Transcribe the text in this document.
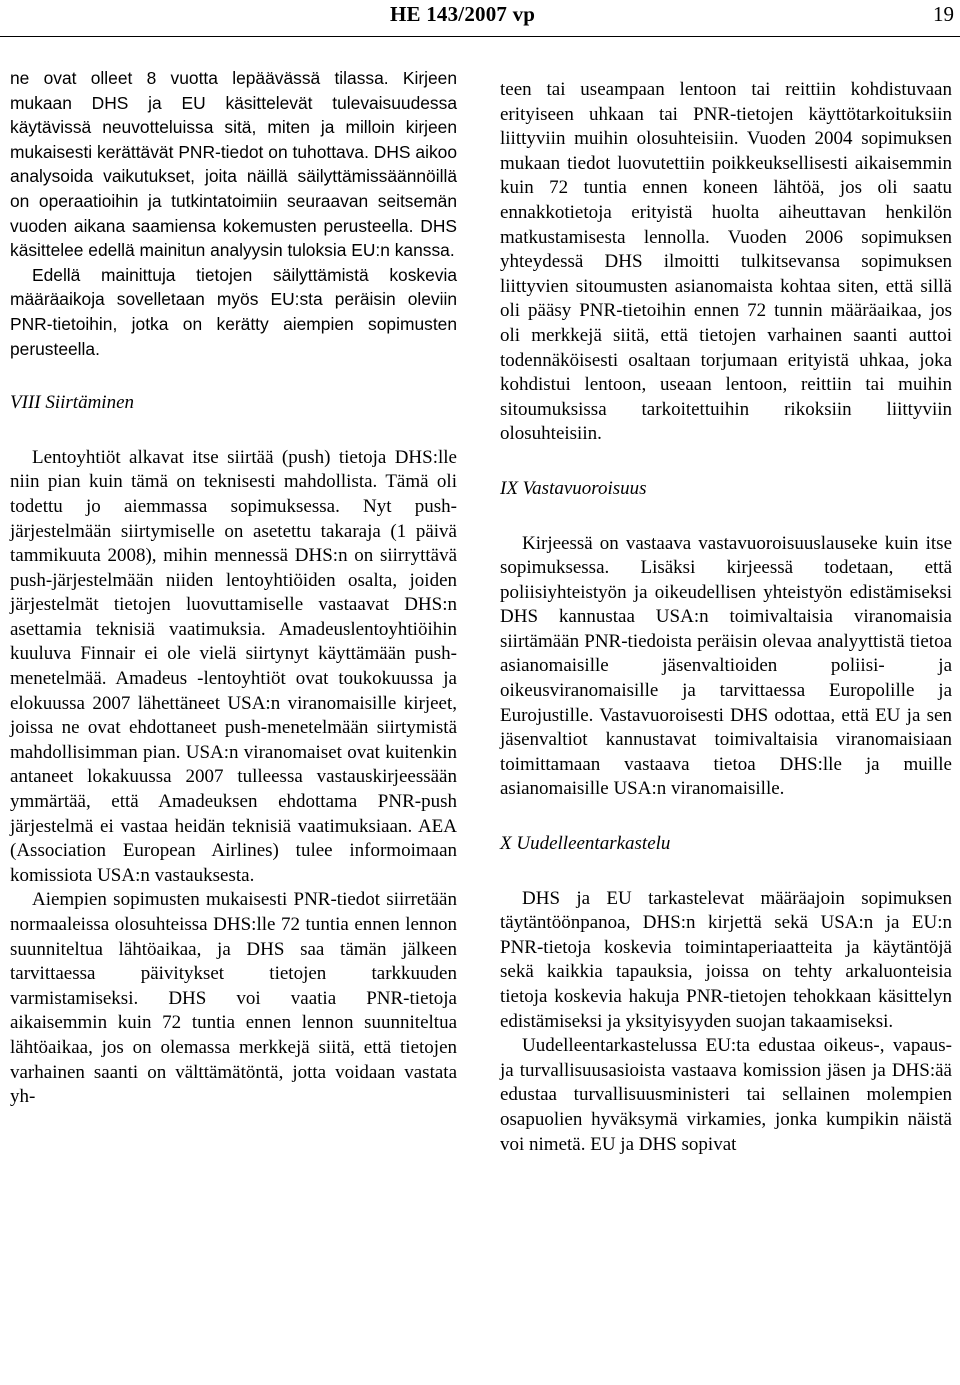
HE 143/2007 vp	19

ne ovat olleet 8 vuotta lepäävässä tilassa. Kirjeen mukaan DHS ja EU käsittelevät tulevaisuudessa käytävissä neuvotteluissa sitä, miten ja milloin kirjeen mukaisesti kerättävät PNR-tiedot on tuhottava. DHS aikoo analysoida vaikutukset, joita näillä säilyttämissäännöillä on operaatioihin ja tutkintatoimiin seuraavan seitsemän vuoden aikana saamiensa kokemusten perusteella. DHS käsittelee edellä mainitun analyysin tuloksia EU:n kanssa.

Edellä mainittuja tietojen säilyttämistä koskevia määräaikoja sovelletaan myös EU:sta peräisin oleviin PNR-tietoihin, jotka on kerätty aiempien sopimusten perusteella.

VIII Siirtäminen

Lentoyhtiöt alkavat itse siirtää (push) tietoja DHS:lle niin pian kuin tämä on teknisesti mahdollista. Tämä oli todettu jo aiemmassa sopimuksessa. Nyt push-järjestelmään siirtymiselle on asetettu takaraja (1 päivä tammikuuta 2008), mihin mennessä DHS:n on siirryttävä push-järjestelmään niiden lentoyhtiöiden osalta, joiden järjestelmät tietojen luovuttamiselle vastaavat DHS:n asettamia teknisiä vaatimuksia. Amadeuslentoyhtiöihin kuuluva Finnair ei ole vielä siirtynyt käyttämään push-menetelmää. Amadeus -lentoyhtiöt ovat toukokuussa ja elokuussa 2007 lähettäneet USA:n viranomaisille kirjeet, joissa ne ovat ehdottaneet push-menetelmään siirtymistä mahdollisimman pian. USA:n viranomaiset ovat kuitenkin antaneet lokakuussa 2007 tulleessa vastauskirjeessään ymmärtää, että Amadeuksen ehdottama PNR-push järjestelmä ei vastaa heidän teknisiä vaatimuksiaan. AEA (Association European Airlines) tulee informoimaan komissiota USA:n vastauksesta.

Aiempien sopimusten mukaisesti PNR-tiedot siirretään normaaleissa olosuhteissa DHS:lle 72 tuntia ennen lennon suunniteltua lähtöaikaa, ja DHS saa tämän jälkeen tarvittaessa päivitykset tietojen tarkkuuden varmistamiseksi. DHS voi vaatia PNR-tietoja aikaisemmin kuin 72 tuntia ennen lennon suunniteltua lähtöaikaa, jos on olemassa merkkejä siitä, että tietojen varhainen saanti on välttämätöntä, jotta voidaan vastata yh-

teen tai useampaan lentoon tai reittiin kohdistuvaan erityiseen uhkaan tai PNR-tietojen käyttötarkoituksiin liittyviin muihin olosuhteisiin. Vuoden 2004 sopimuksen mukaan tiedot luovutettiin poikkeuksellisesti aikaisemmin kuin 72 tuntia ennen koneen lähtöä, jos oli saatu ennakkotietoja erityistä huolta aiheuttavan henkilön matkustamisesta lennolla. Vuoden 2006 sopimuksen yhteydessä DHS ilmoitti tulkitsevansa sopimuksen liittyvien sitoumusten asianomaista kohtaa siten, että sillä oli pääsy PNR-tietoihin ennen 72 tunnin määräaikaa, jos oli merkkejä siitä, että tietojen varhainen saanti auttoi todennäköisesti osaltaan torjumaan erityistä uhkaa, joka kohdistui lentoon, useaan lentoon, reittiin tai muihin sitoumuksissa tarkoitettuihin rikoksiin liittyviin olosuhteisiin.

IX Vastavuoroisuus

Kirjeessä on vastaava vastavuoroisuuslauseke kuin itse sopimuksessa. Lisäksi kirjeessä todetaan, että poliisiyhteistyön ja oikeudellisen yhteistyön edistämiseksi DHS kannustaa USA:n toimivaltaisia viranomaisia siirtämään PNR-tiedoista peräisin olevaa analyyttistä tietoa asianomaisille jäsenvaltioiden poliisi- ja oikeusviranomaisille ja tarvittaessa Europolille ja Eurojustille. Vastavuoroisesti DHS odottaa, että EU ja sen jäsenvaltiot kannustavat toimivaltaisia viranomaisiaan toimittamaan vastaava tietoa DHS:lle ja muille asianomaisille USA:n viranomaisille.

X Uudelleentarkastelu

DHS ja EU tarkastelevat määräajoin sopimuksen täytäntöönpanoa, DHS:n kirjettä sekä USA:n ja EU:n PNR-tietoja koskevia toimintaperiaatteita ja käytäntöjä sekä kaikkia tapauksia, joissa on tehty arkaluonteisia tietoja koskevia hakuja PNR-tietojen tehokkaan käsittelyn edistämiseksi ja yksityisyyden suojan takaamiseksi.

Uudelleentarkastelussa EU:ta edustaa oikeus-, vapaus- ja turvallisuusasioista vastaava komission jäsen ja DHS:ää edustaa turvallisuusministeri tai sellainen molempien osapuolien hyväksymä virkamies, jonka kumpikin näistä voi nimetä. EU ja DHS sopivat
